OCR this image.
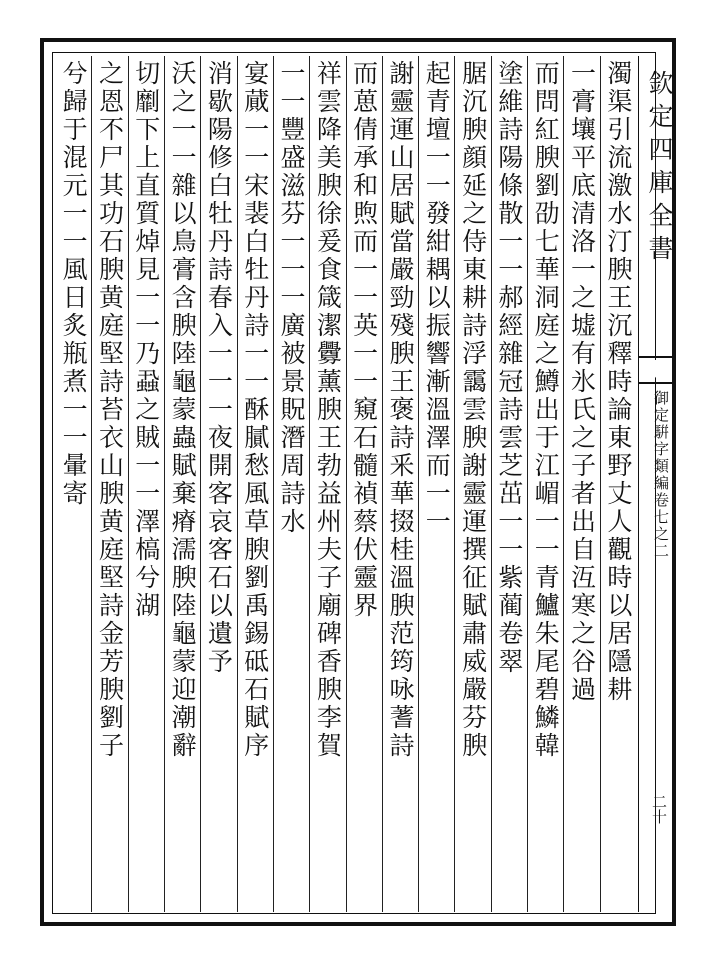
欽定四庫全書
御定騈字類編卷七之二
二十
濁渠引流激水汀腴王沉釋時論東野丈人觀時以居隱耕
一膏壤平底清洛一之墟有氷氏之子者出自沍寒之谷過
而問紅腴劉劭七華洞庭之鱒出于江嵋一一青鱸朱尾碧鱗韓
塗維詩陽條散一一郝經雜冠詩雲芝茁一一紫蔺卷翠
腒沉腴顔延之侍東耕詩浮靄雲腴謝靈運撰征賦肅威嚴芬腴
起青壇一一發紺耦以振響漸溫澤而一一
謝靈運山居賦當嚴勁殘腴王褒詩釆華掇桂溫腴范筠咏蓍詩
而葸倩承和煦而一一英一一窺石髓禎蔡伏靈界
祥雲降美腴徐爰食箴潔釁薰腴王勃益州夫子廟碑香腴李賀
一一豐盛滋芬一一一廣被景貺潛周詩水
宴蕆一一宋裴白牡丹詩一一酥膩愁風草腴劉禹錫砥石賦序
消歇陽修白牡丹詩春入一一一夜開客哀客石以遺予
沃之一一雜以鳥膏含腴陸龜蒙蟲賦棄瘠濡腴陸龜蒙迎潮辭
切劘下上直質焯見一一乃蝨之賊一一澤槁兮湖
之恩不尸其功石腴黄庭堅詩苔衣山腴黄庭堅詩金芳腴劉子
兮歸于混元一一風日炙瓶煮一一暈寄
